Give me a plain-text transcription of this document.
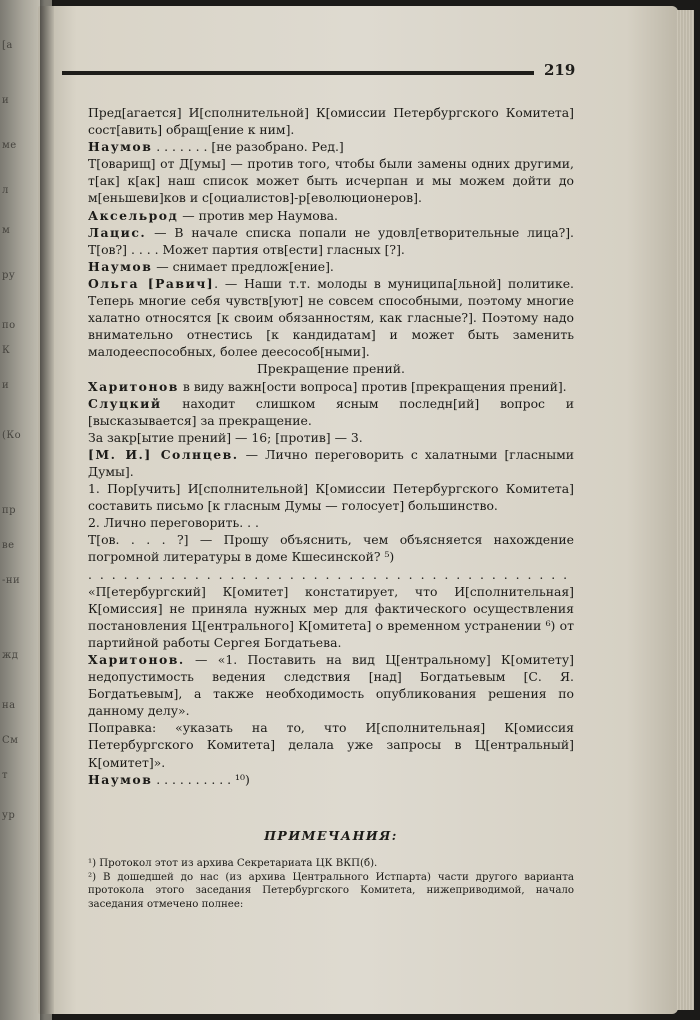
[а
и
ме
л
м
ру
по
К
и
(Ко
пр
ве
-ни
жд
на
См
т
ур
219

Пред[агается] И[сполнительной] К[омиссии Петербургского Комитета] сост[авить] обращ[ение к ним].

Наумов . . . . . . . [не разобрано. Ред.]

Т[оварищ] от Д[умы] — против того, чтобы были замены одних другими, т[ак] к[ак] наш список может быть исчерпан и мы можем дойти до м[еньшеви]ков и с[оциалистов]-р[еволюционеров].

Аксельрод — против мер Наумова.

Лацис. — В начале списка попали не удовл[етворительные лица?]. Т[ов?] . . . . Может партия отв[ести] гласных [?].

Наумов — снимает предлож[ение].

Ольга [Равич]. — Наши т.т. молоды в муниципа[льной] политике. Теперь многие себя чувств[уют] не совсем способными, поэтому многие халатно относятся [к своим обязанностям, как гласные?]. Поэтому надо внимательно отнестись [к кандидатам] и может быть заменить малодееспособных, более деесособ[ными].

Прекращение прений.

Харитонов в виду важн[ости вопроса] против [прекращения прений].

Слуцкий находит слишком ясным последн[ий] вопрос и [высказывается] за прекращение.

За закр[ытие прений] — 16; [против] — 3.

[М. И.] Солнцев. — Лично переговорить с халатными [гласными Думы].

1. Пор[учить] И[сполнительной] К[омиссии Петербургского Комитета] составить письмо [к гласным Думы — голосует] большинство.

2. Лично переговорить. . .

Т[ов. . . . ?] — Прошу объяснить, чем объясняется нахождение погромной литературы в доме Кшесинской? ⁵)

. . . . . . . . . . . . . . . . . . . . . . . . . . . . . . . . . . . . . . . . .

«П[етербургский] К[омитет] констатирует, что И[сполнительная] К[омиссия] не приняла нужных мер для фактического осуществления постановления Ц[ентрального] К[омитета] о временном устранении ⁶) от партийной работы Сергея Богдатьева.

Харитонов. — «1. Поставить на вид Ц[ентральному] К[омитету] недопустимость ведения следствия [над] Богдатьевым [С. Я. Богдатьевым], а также необходимость опубликования решения по данному делу».

Поправка: «указать на то, что И[сполнительная] К[омиссия Петербургского Комитета] делала уже запросы в Ц[ентральный] К[омитет]».

Наумов . . . . . . . . . . ¹⁰)

ПРИМЕЧАНИЯ:

¹) Протокол этот из архива Секретариата ЦК ВКП(б).

²) В дошедшей до нас (из архива Центрального Истпарта) части другого варианта протокола этого заседания Петербургского Комитета, нижеприводимой, начало заседания отмечено полнее:
